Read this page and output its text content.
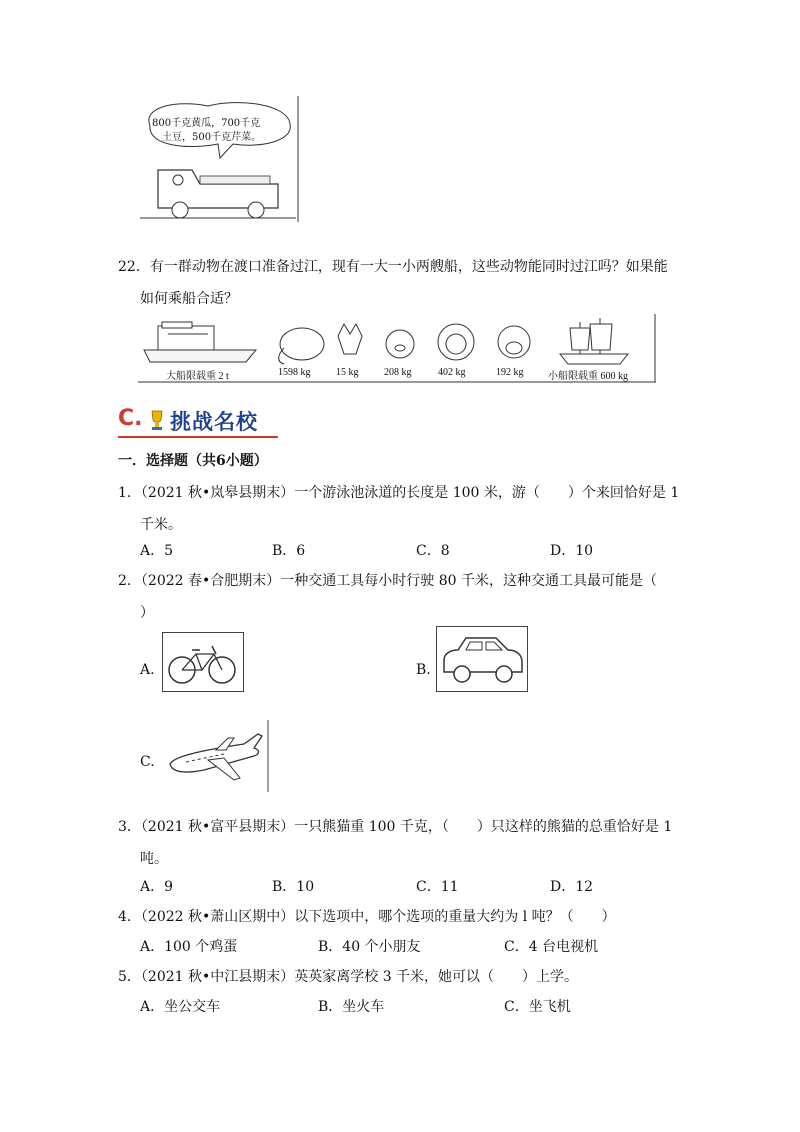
800千克黄瓜，700千克
土豆，500千克芹菜。
22．有一群动物在渡口准备过江，现有一大一小两艘船，这些动物能同时过江吗？如果能
如何乘船合适？
大船限载重 2 t	1598 kg	15 kg	208 kg	402 kg	192 kg 小船限载重 600 kg
C. 挑战名校
一．选择题（共6小题）
1．（2021 秋•岚皋县期末）一个游泳池泳道的长度是 100 米，游（　　）个来回恰好是 1
千米。
A．5	B．6	C．8	D．10
2．（2022 春•合肥期末）一种交通工具每小时行驶 80 千米，这种交通工具最可能是（
）
A.	B.
C.
3．（2021 秋•富平县期末）一只熊猫重 100 千克，（　　）只这样的熊猫的总重恰好是 1
吨。
A．9	B．10	C．11	D．12
4．（2022 秋•萧山区期中）以下选项中，哪个选项的重量大约为 l 吨？（　　）
A．100 个鸡蛋	B．40 个小朋友	C．4 台电视机
5．（2021 秋•中江县期末）英英家离学校 3 千米，她可以（　　）上学。
A．坐公交车	B．坐火车	C．坐飞机
